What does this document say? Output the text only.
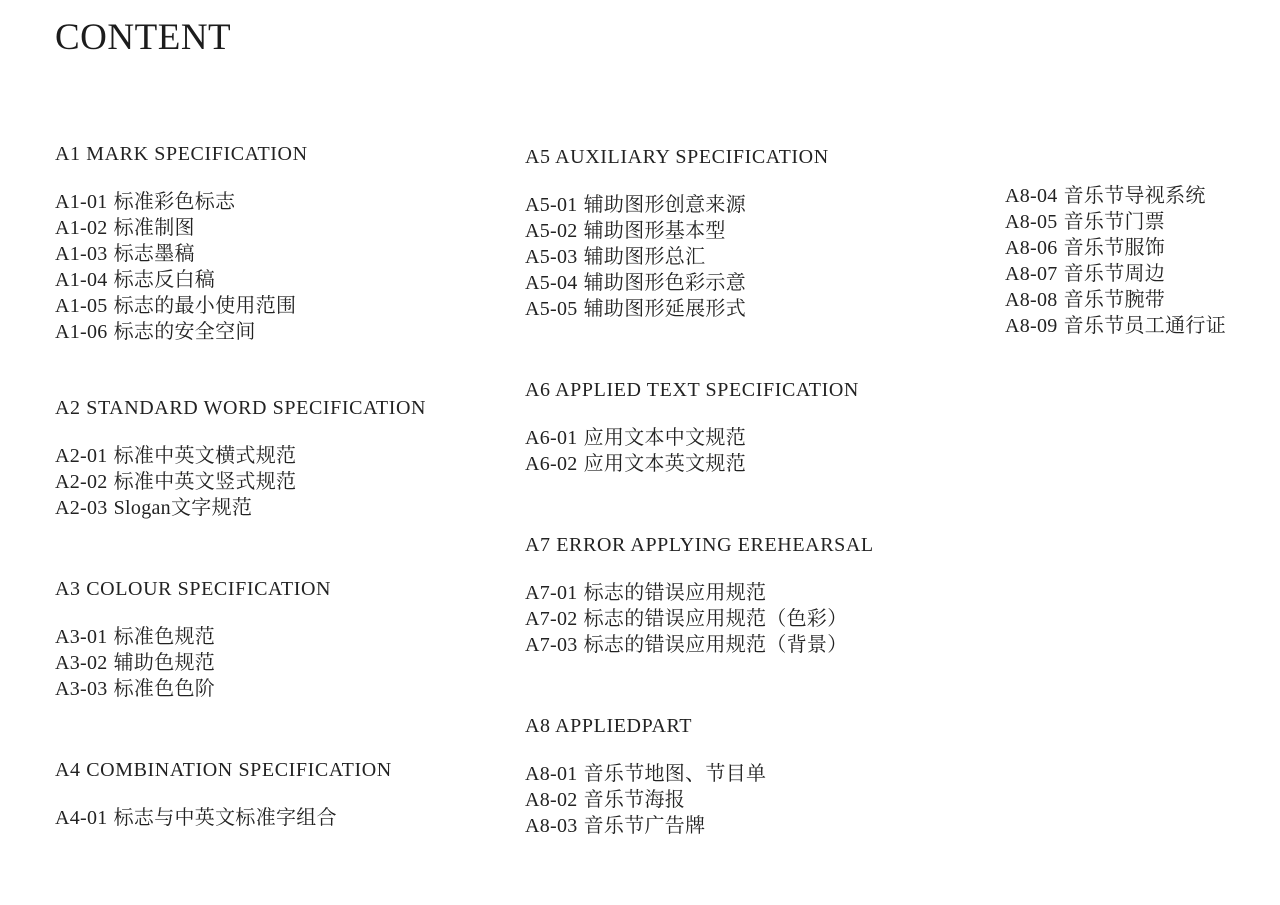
CONTENT
A1 MARK SPECIFICATION
A1-01 标准彩色标志
A1-02 标准制图
A1-03 标志墨稿
A1-04 标志反白稿
A1-05 标志的最小使用范围
A1-06 标志的安全空间
A2 STANDARD WORD SPECIFICATION
A2-01 标准中英文横式规范
A2-02 标准中英文竖式规范
A2-03 Slogan文字规范
A3 COLOUR SPECIFICATION
A3-01 标准色规范
A3-02 辅助色规范
A3-03 标准色色阶
A4 COMBINATION SPECIFICATION
A4-01 标志与中英文标准字组合
A5 AUXILIARY SPECIFICATION
A5-01 辅助图形创意来源
A5-02 辅助图形基本型
A5-03 辅助图形总汇
A5-04 辅助图形色彩示意
A5-05 辅助图形延展形式
A6 APPLIED TEXT SPECIFICATION
A6-01 应用文本中文规范
A6-02 应用文本英文规范
A7 ERROR APPLYING EREHEARSAL
A7-01 标志的错误应用规范
A7-02 标志的错误应用规范（色彩）
A7-03 标志的错误应用规范（背景）
A8 APPLIEDPART
A8-01 音乐节地图、节目单
A8-02 音乐节海报
A8-03 音乐节广告牌
A8-04 音乐节导视系统
A8-05 音乐节门票
A8-06 音乐节服饰
A8-07 音乐节周边
A8-08 音乐节腕带
A8-09 音乐节员工通行证
